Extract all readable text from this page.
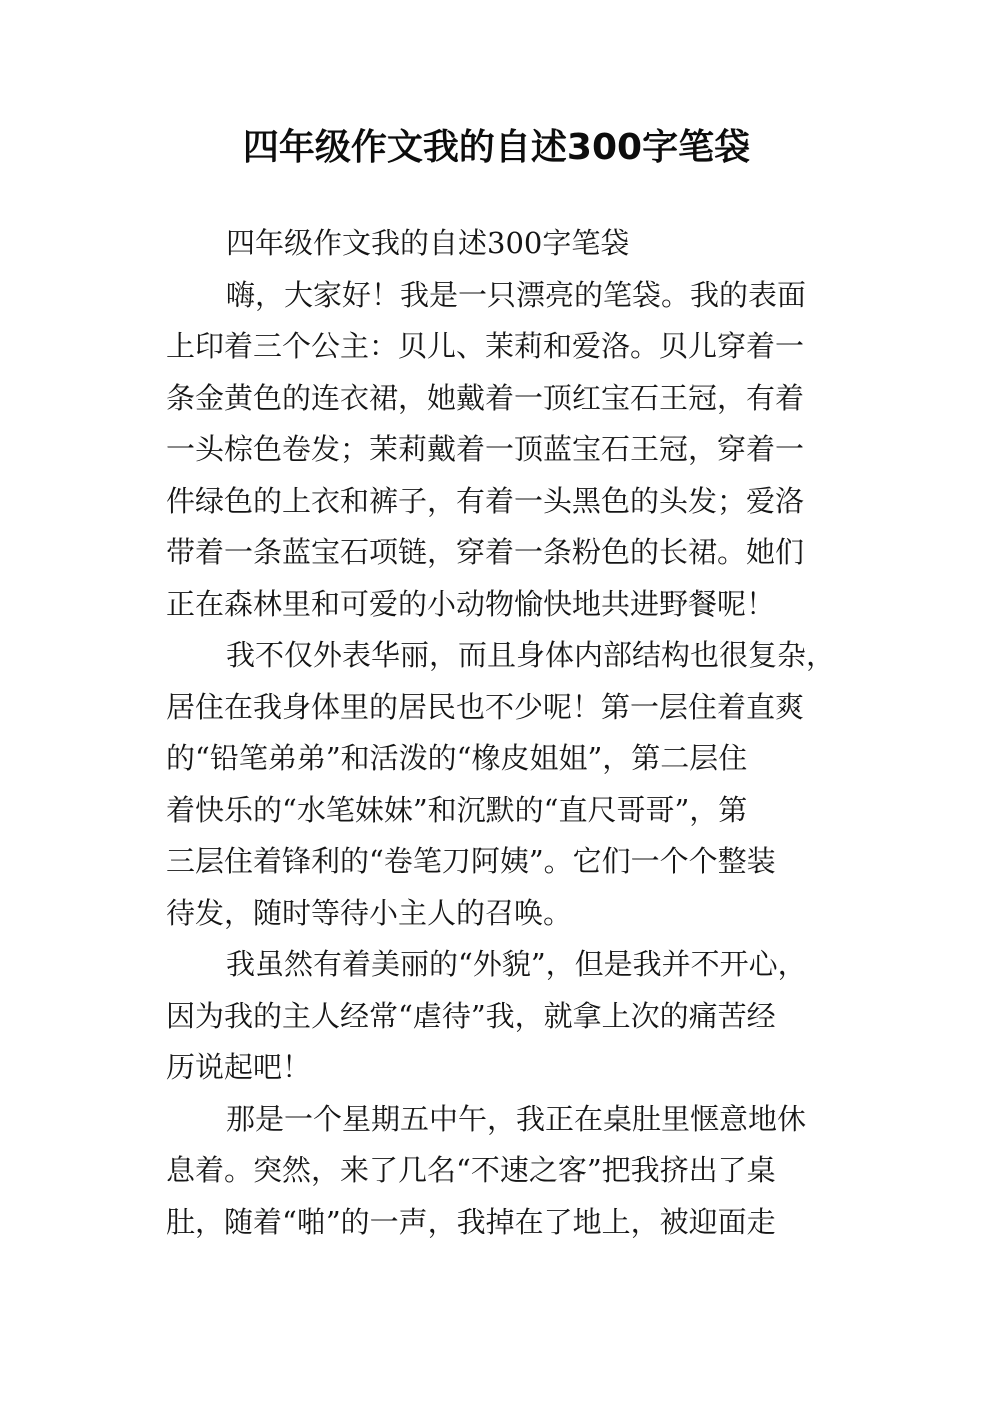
四年级作文我的自述300字笔袋
四年级作文我的自述300字笔袋
嗨，大家好！我是一只漂亮的笔袋。我的表面
上印着三个公主：贝儿、茉莉和爱洛。贝儿穿着一
条金黄色的连衣裙，她戴着一顶红宝石王冠，有着
一头棕色卷发；茉莉戴着一顶蓝宝石王冠，穿着一
件绿色的上衣和裤子，有着一头黑色的头发；爱洛
带着一条蓝宝石项链，穿着一条粉色的长裙。她们
正在森林里和可爱的小动物愉快地共进野餐呢！
我不仅外表华丽，而且身体内部结构也很复杂，
居住在我身体里的居民也不少呢！第一层住着直爽
的“铅笔弟弟”和活泼的“橡皮姐姐”，第二层住
着快乐的“水笔妹妹”和沉默的“直尺哥哥”，第
三层住着锋利的“卷笔刀阿姨”。它们一个个整装
待发，随时等待小主人的召唤。
我虽然有着美丽的“外貌”，但是我并不开心，
因为我的主人经常“虐待”我，就拿上次的痛苦经
历说起吧！
那是一个星期五中午，我正在桌肚里惬意地休
息着。突然，来了几名“不速之客”把我挤出了桌
肚，随着“啪”的一声，我掉在了地上，被迎面走
